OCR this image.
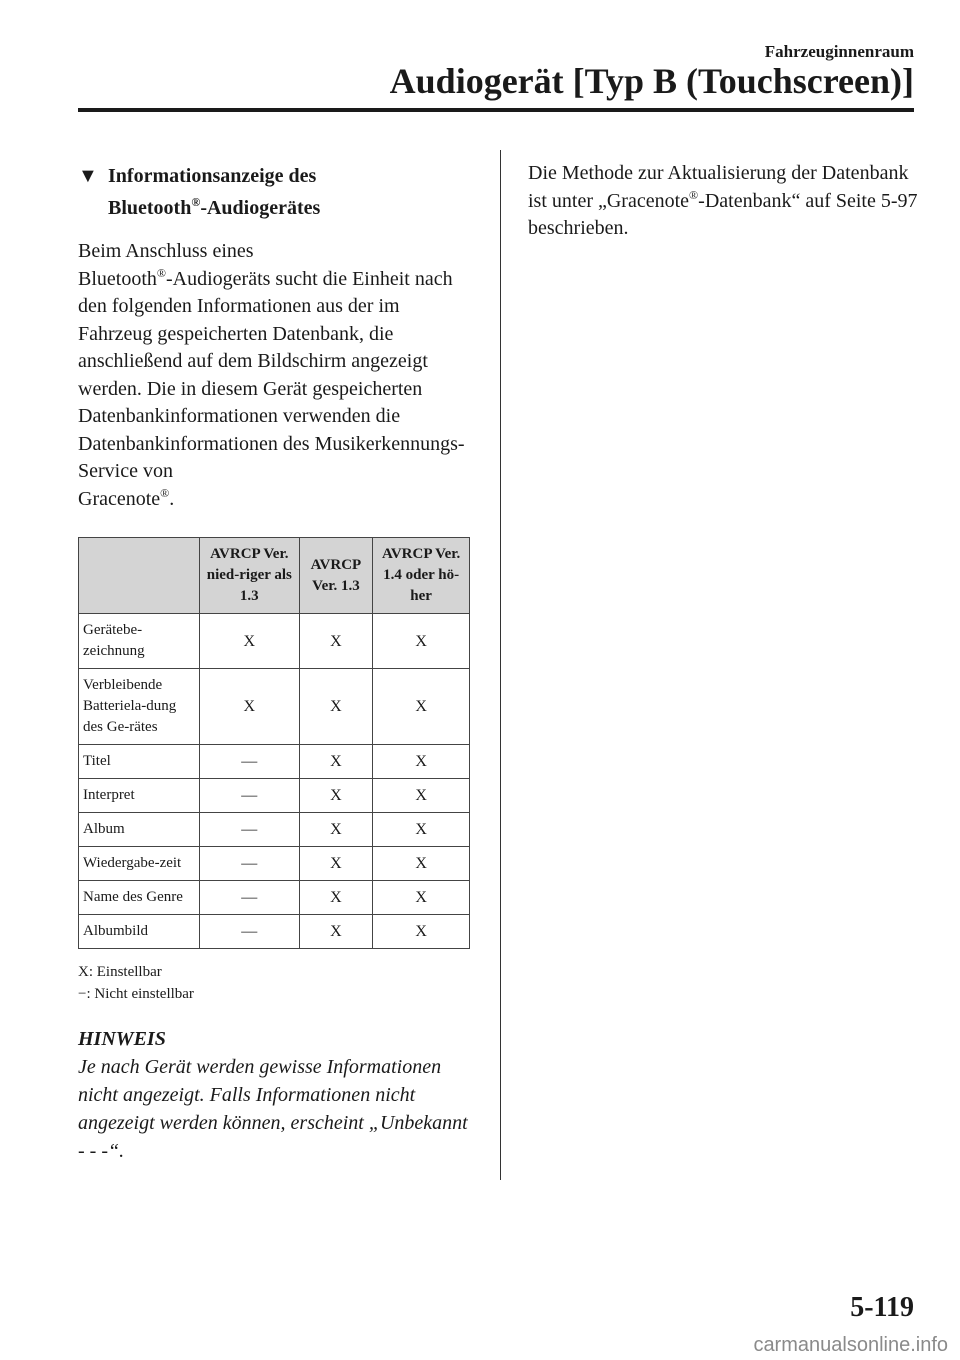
Fahrzeuginnenraum
Audiogerät [Typ B (Touchscreen)]
▼ Informationsanzeige des
Bluetooth®-Audiogerätes
Beim Anschluss eines
Bluetooth®-Audiogeräts sucht die Einheit nach den folgenden Informationen aus der im Fahrzeug gespeicherten Datenbank, die anschließend auf dem Bildschirm angezeigt werden. Die in diesem Gerät gespeicherten Datenbankinformationen verwenden die Datenbankinformationen des Musikerkennungs-Service von
Gracenote®.
	AVRCP Ver. nied-riger als 1.3	AVRCP Ver. 1.3	AVRCP Ver. 1.4 oder hö-her
Gerätebe-zeichnung	X	X	X
Verbleibende Batteriela-dung des Ge-rätes	X	X	X
Titel	—	X	X
Interpret	—	X	X
Album	—	X	X
Wiedergabe-zeit	—	X	X
Name des Genre	—	X	X
Albumbild	—	X	X
X: Einstellbar
−: Nicht einstellbar
HINWEIS
Je nach Gerät werden gewisse Informationen nicht angezeigt. Falls Informationen nicht angezeigt werden können, erscheint „Unbekannt - - -“.
Die Methode zur Aktualisierung der Datenbank ist unter „Gracenote®-Datenbank“ auf Seite 5-97 beschrieben.
5-119
carmanualsonline.info
